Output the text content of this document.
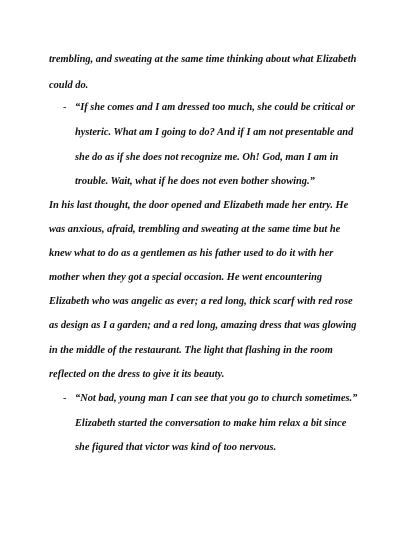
trembling, and sweating at the same time thinking about what Elizabeth
could do.
- “If she comes and I am dressed too much, she could be critical or
hysteric. What am I going to do? And if I am not presentable and
she do as if she does not recognize me. Oh! God, man I am in
trouble. Wait, what if he does not even bother showing.”
In his last thought, the door opened and Elizabeth made her entry. He
was anxious, afraid, trembling and sweating at the same time but he
knew what to do as a gentlemen as his father used to do it with her
mother when they got a special occasion. He went encountering
Elizabeth who was angelic as ever; a red long, thick scarf with red rose
as design as I a garden; and a red long, amazing dress that was glowing
in the middle of the restaurant. The light that flashing in the room
reflected on the dress to give it its beauty.
- “Not bad, young man I can see that you go to church sometimes.”
Elizabeth started the conversation to make him relax a bit since
she figured that victor was kind of too nervous.
